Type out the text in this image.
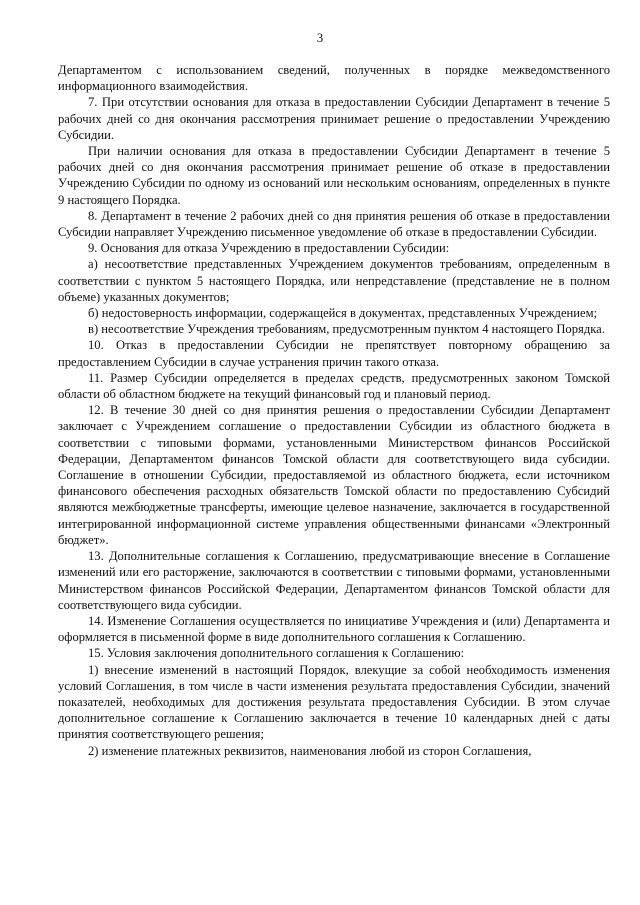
3

Департаментом с использованием сведений, полученных в порядке межведомственного информационного взаимодействия.

7. При отсутствии основания для отказа в предоставлении Субсидии Департамент в течение 5 рабочих дней со дня окончания рассмотрения принимает решение о предоставлении Учреждению Субсидии.

При наличии основания для отказа в предоставлении Субсидии Департамент в течение 5 рабочих дней со дня окончания рассмотрения принимает решение об отказе в предоставлении Учреждению Субсидии по одному из оснований или нескольким основаниям, определенных в пункте 9 настоящего Порядка.

8. Департамент в течение 2 рабочих дней со дня принятия решения об отказе в предоставлении Субсидии направляет Учреждению письменное уведомление об отказе в предоставлении Субсидии.

9. Основания для отказа Учреждению в предоставлении Субсидии:

а) несоответствие представленных Учреждением документов требованиям, определенным в соответствии с пунктом 5 настоящего Порядка, или непредставление (представление не в полном объеме) указанных документов;

б) недостоверность информации, содержащейся в документах, представленных Учреждением;

в) несоответствие Учреждения требованиям, предусмотренным пунктом 4 настоящего Порядка.

10. Отказ в предоставлении Субсидии не препятствует повторному обращению за предоставлением Субсидии в случае устранения причин такого отказа.

11. Размер Субсидии определяется в пределах средств, предусмотренных законом Томской области об областном бюджете на текущий финансовый год и плановый период.

12. В течение 30 дней со дня принятия решения о предоставлении Субсидии Департамент заключает с Учреждением соглашение о предоставлении Субсидии из областного бюджета в соответствии с типовыми формами, установленными Министерством финансов Российской Федерации, Департаментом финансов Томской области для соответствующего вида субсидии. Соглашение в отношении Субсидии, предоставляемой из областного бюджета, если источником финансового обеспечения расходных обязательств Томской области по предоставлению Субсидий являются межбюджетные трансферты, имеющие целевое назначение, заключается в государственной интегрированной информационной системе управления общественными финансами «Электронный бюджет».

13. Дополнительные соглашения к Соглашению, предусматривающие внесение в Соглашение изменений или его расторжение, заключаются в соответствии с типовыми формами, установленными Министерством финансов Российской Федерации, Департаментом финансов Томской области для соответствующего вида субсидии.

14. Изменение Соглашения осуществляется по инициативе Учреждения и (или) Департамента и оформляется в письменной форме в виде дополнительного соглашения к Соглашению.

15. Условия заключения дополнительного соглашения к Соглашению:

1) внесение изменений в настоящий Порядок, влекущие за собой необходимость изменения условий Соглашения, в том числе в части изменения результата предоставления Субсидии, значений показателей, необходимых для достижения результата предоставления Субсидии. В этом случае дополнительное соглашение к Соглашению заключается в течение 10 календарных дней с даты принятия соответствующего решения;

2) изменение платежных реквизитов, наименования любой из сторон Соглашения,
